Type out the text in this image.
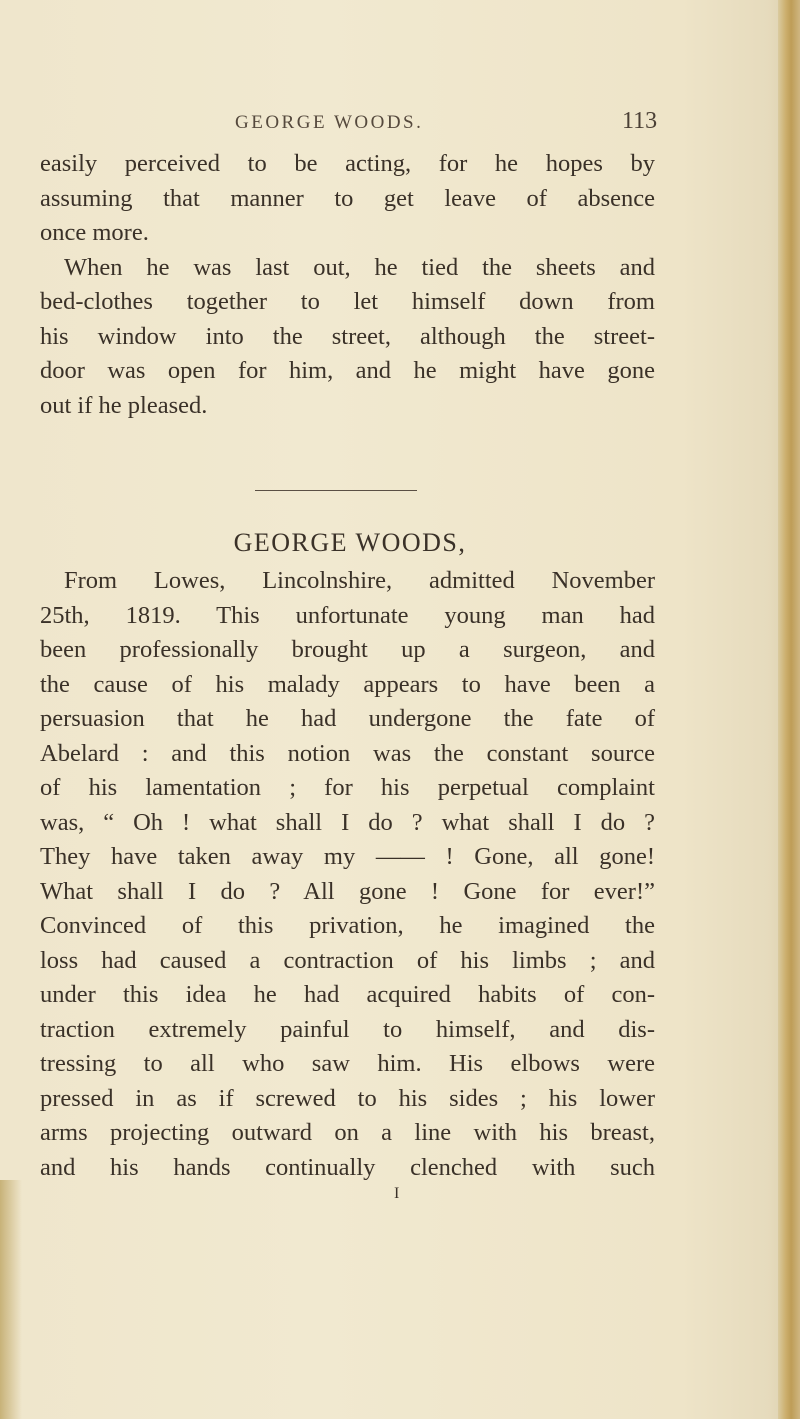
GEORGE WOODS.	113
easily perceived to be acting, for he hopes by
assuming that manner to get leave of absence
once more.
When he was last out, he tied the sheets and
bed-clothes together to let himself down from
his window into the street, although the street-
door was open for him, and he might have gone
out if he pleased.
GEORGE WOODS,
From Lowes, Lincolnshire, admitted November
25th, 1819. This unfortunate young man had
been professionally brought up a surgeon, and
the cause of his malady appears to have been a
persuasion that he had undergone the fate of
Abelard : and this notion was the constant source
of his lamentation ; for his perpetual complaint
was, “ Oh ! what shall I do ? what shall I do ?
They have taken away my —— ! Gone, all gone!
What shall I do ? All gone ! Gone for ever!”
Convinced of this privation, he imagined the
loss had caused a contraction of his limbs ; and
under this idea he had acquired habits of con-
traction extremely painful to himself, and dis-
tressing to all who saw him. His elbows were
pressed in as if screwed to his sides ; his lower
arms projecting outward on a line with his breast,
and his hands continually clenched with such
I
